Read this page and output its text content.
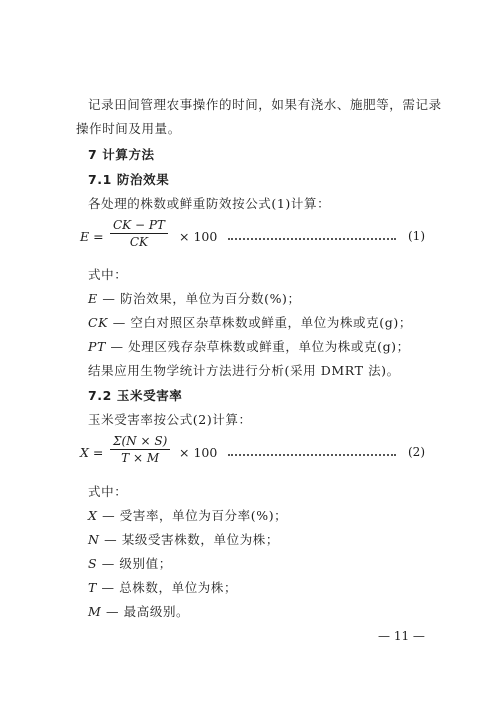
记录田间管理农事操作的时间，如果有浇水、施肥等，需记录
操作时间及用量。
7 计算方法
7.1 防治效果
各处理的株数或鲜重防效按公式(1)计算：
$E = \frac{CK - PT}{CK} \times 100$	(1)
式中：
E — 防治效果，单位为百分数(%)；
CK — 空白对照区杂草株数或鲜重，单位为株或克(g)；
PT — 处理区残存杂草株数或鲜重，单位为株或克(g)；
结果应用生物学统计方法进行分析(采用 DMRT 法)。
7.2 玉米受害率
玉米受害率按公式(2)计算：
$X = \frac{\Sigma(N \times S)}{T \times M} \times 100$	(2)
式中：
X — 受害率，单位为百分率(%)；
N — 某级受害株数，单位为株；
S — 级别值；
T — 总株数，单位为株；
M — 最高级别。
— 11 —
